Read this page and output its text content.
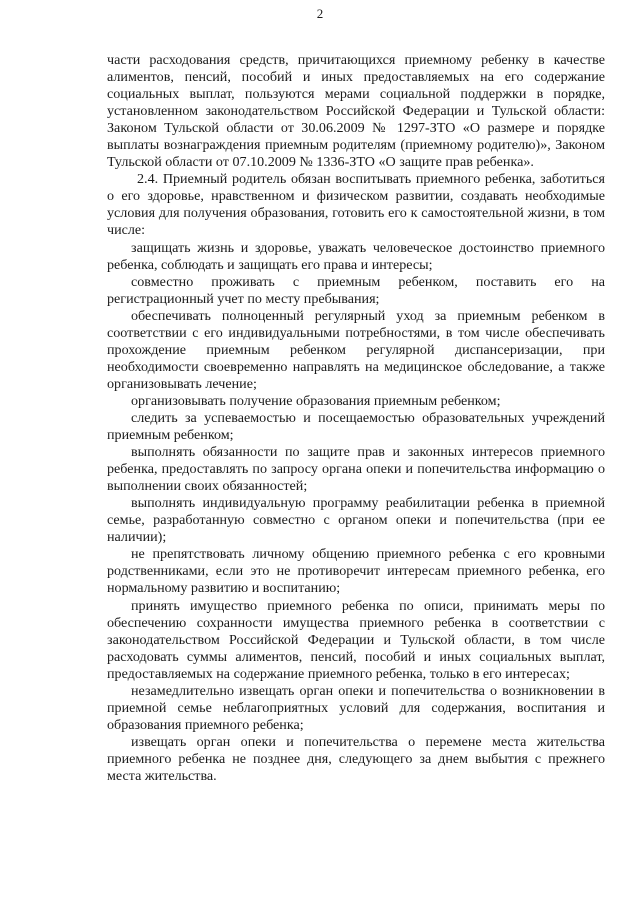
2

части расходования средств, причитающихся приемному ребенку в качестве алиментов, пенсий, пособий и иных предоставляемых на его содержание социальных выплат, пользуются мерами социальной поддержки в порядке, установленном законодательством Российской Федерации и Тульской области: Законом Тульской области от 30.06.2009 № 1297-ЗТО «О размере и порядке выплаты вознаграждения приемным родителям (приемному родителю)», Законом Тульской области от 07.10.2009 № 1336-ЗТО «О защите прав ребенка».

2.4. Приемный родитель обязан воспитывать приемного ребенка, заботиться о его здоровье, нравственном и физическом развитии, создавать необходимые условия для получения образования, готовить его к самостоятельной жизни, в том числе:

защищать жизнь и здоровье, уважать человеческое достоинство приемного ребенка, соблюдать и защищать его права и интересы;

совместно проживать с приемным ребенком, поставить его на регистрационный учет по месту пребывания;

обеспечивать полноценный регулярный уход за приемным ребенком в соответствии с его индивидуальными потребностями, в том числе обеспечивать прохождение приемным ребенком регулярной диспансеризации, при необходимости своевременно направлять на медицинское обследование, а также организовывать лечение;

организовывать получение образования приемным ребенком;

следить за успеваемостью и посещаемостью образовательных учреждений приемным ребенком;

выполнять обязанности по защите прав и законных интересов приемного ребенка, предоставлять по запросу органа опеки и попечительства информацию о выполнении своих обязанностей;

выполнять индивидуальную программу реабилитации ребенка в приемной семье, разработанную совместно с органом опеки и попечительства (при ее наличии);

не препятствовать личному общению приемного ребенка с его кровными родственниками, если это не противоречит интересам приемного ребенка, его нормальному развитию и воспитанию;

принять имущество приемного ребенка по описи, принимать меры по обеспечению сохранности имущества приемного ребенка в соответствии с законодательством Российской Федерации и Тульской области, в том числе расходовать суммы алиментов, пенсий, пособий и иных социальных выплат, предоставляемых на содержание приемного ребенка, только в его интересах;

незамедлительно извещать орган опеки и попечительства о возникновении в приемной семье неблагоприятных условий для содержания, воспитания и образования приемного ребенка;

извещать орган опеки и попечительства о перемене места жительства приемного ребенка не позднее дня, следующего за днем выбытия с прежнего места жительства.
